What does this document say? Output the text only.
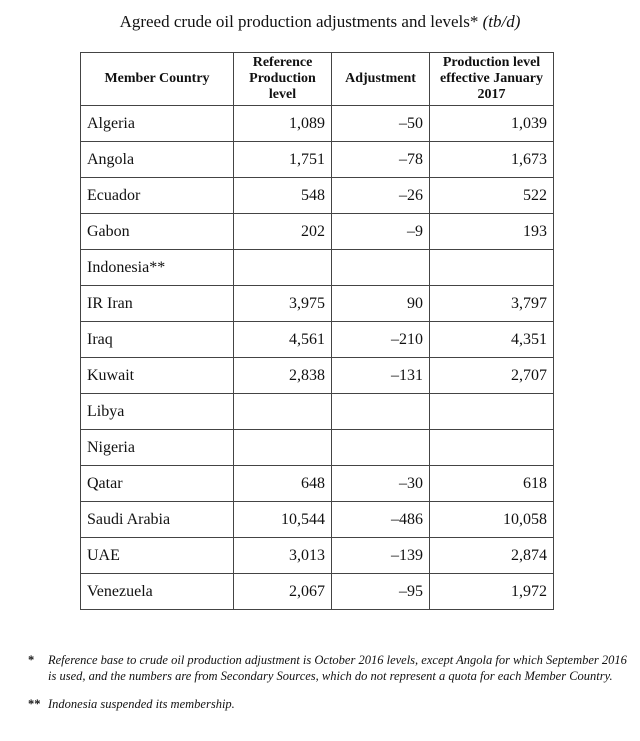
Agreed crude oil production adjustments and levels* (tb/d)
Member Country	Reference Production level	Adjustment	Production level effective January 2017
Algeria	1,089	–50	1,039
Angola	1,751	–78	1,673
Ecuador	548	–26	522
Gabon	202	–9	193
Indonesia**			
IR Iran	3,975	90	3,797
Iraq	4,561	–210	4,351
Kuwait	2,838	–131	2,707
Libya			
Nigeria			
Qatar	648	–30	618
Saudi Arabia	10,544	–486	10,058
UAE	3,013	–139	2,874
Venezuela	2,067	–95	1,972
*	Reference base to crude oil production adjustment is October 2016 levels, except Angola for which September 2016 is used, and the numbers are from Secondary Sources, which do not represent a quota for each Member Country.
** Indonesia suspended its membership.
